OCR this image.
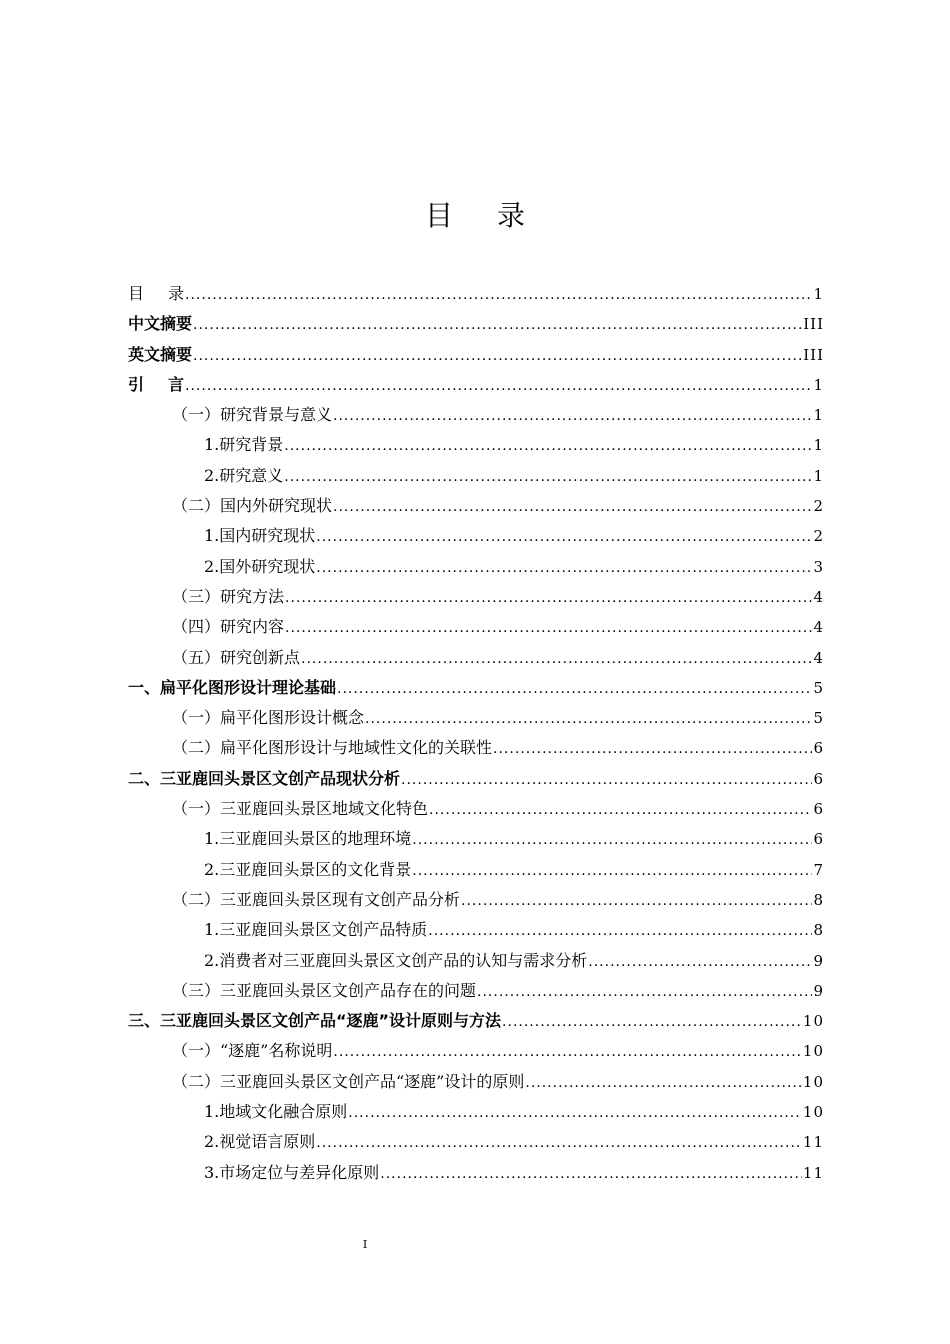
目录
目录 .....	1
中文摘要 .....	III
英文摘要 .....	III
引言 .....	1
（一）研究背景与意义 .....	1
1.研究背景 .....	1
2.研究意义 .....	1
（二）国内外研究现状 .....	2
1.国内研究现状 .....	2
2.国外研究现状 .....	3
（三）研究方法 .....	4
（四）研究内容 .....	4
（五）研究创新点 .....	4
一、扁平化图形设计理论基础 .....	5
（一）扁平化图形设计概念 .....	5
（二）扁平化图形设计与地域性文化的关联性 .....	6
二、三亚鹿回头景区文创产品现状分析 .....	6
（一）三亚鹿回头景区地域文化特色 .....	6
1.三亚鹿回头景区的地理环境 .....	6
2.三亚鹿回头景区的文化背景 .....	7
（二）三亚鹿回头景区现有文创产品分析 .....	8
1.三亚鹿回头景区文创产品特质 .....	8
2.消费者对三亚鹿回头景区文创产品的认知与需求分析 .....	9
（三）三亚鹿回头景区文创产品存在的问题 .....	9
三、三亚鹿回头景区文创产品“逐鹿”设计原则与方法 .....	10
（一）“逐鹿”名称说明 .....	10
（二）三亚鹿回头景区文创产品“逐鹿”设计的原则 .....	10
1.地域文化融合原则 .....	10
2.视觉语言原则 .....	11
3.市场定位与差异化原则 .....	11
I
